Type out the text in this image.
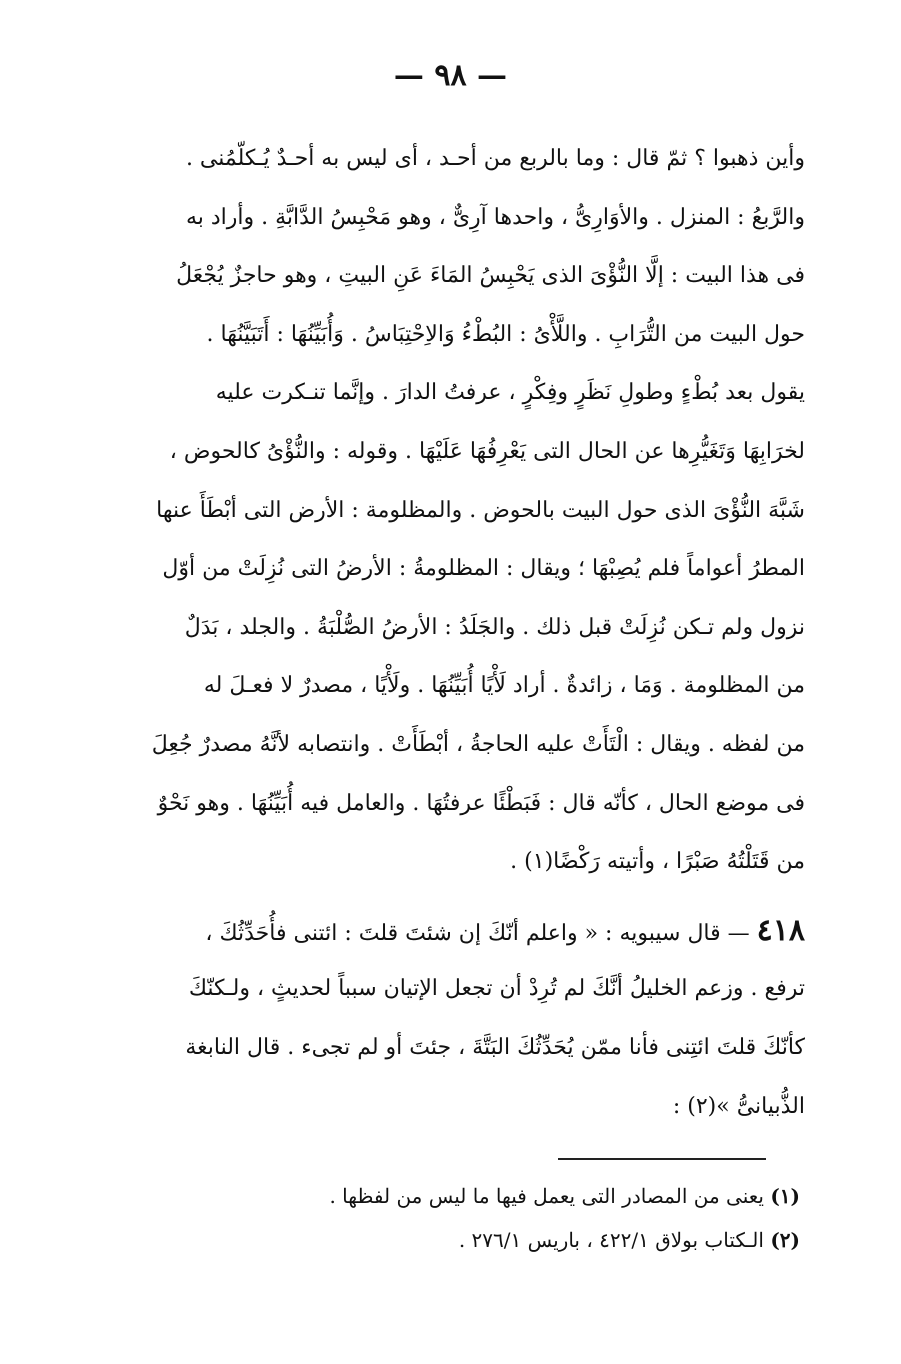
— ٩٨ —
وأين ذهبوا ؟ ثمّ قال : وما بالربع من أحـد ، أى ليس به أحـدٌ يُـكلّمُنى .
والرَّبعُ : المنزل . والأوَارِىُّ ، واحدها آرِىٌّ ، وهو مَحْبِسُ الدَّابَّةِ . وأراد به
فى هذا البيت : إلَّا النُّؤْىَ الذى يَحْبِسُ المَاءَ عَنِ البيتِ ، وهو حاجزٌ يُجْعَلُ
حول البيت من التُّرَابِ . واللَّأْىُ : البُطْءُ وَالاِحْتِبَاسُ . وَأُبَيِّنُهَا : أَتَبَيَّنُهَا .
يقول بعد بُطْءٍ وطولِ نَظَرٍ وفِكْرٍ ، عرفتُ الدارَ . وإنَّما تنـكرت عليه
لخرَابِهَا وَتَغَيُّرِها عن الحال التى يَعْرِفُهَا عَلَيْهَا . وقوله : والنُّؤْىُ كالحوض ،
شَبَّهَ النُّؤْىَ الذى حول البيت بالحوض . والمظلومة : الأرض التى أبْطَأَ عنها
المطرُ أعواماً فلم يُصِبْهَا ؛ ويقال : المظلومةُ : الأرضُ التى نُزِلَتْ من أوّل
نزول ولم تـكن نُزِلَتْ قبل ذلك . والجَلَدُ : الأرضُ الصُّلْبَةُ . والجلد ، بَدَلٌ
من المظلومة . وَمَا ، زائدةٌ . أراد لَأْيًا أُبَيِّنُهَا . ولَأْيًا ، مصدرٌ لا فعـلَ له
من لفظه . ويقال : الْتَأَتْ عليه الحاجةُ ، أبْطَأَتْ . وانتصابه لأنَّهُ مصدرٌ جُعِلَ
فى موضع الحال ، كأنّه قال : فَبَطْئًا عرفتُهَا . والعامل فيه أُبَيِّنُهَا . وهو نَحْوٌ
من قَتَلْتُهُ صَبْرًا ، وأتيته رَكْضًا(١) .
٤١٨ — قال سيبويه : « واعلم أنّكَ إن شئتَ قلتَ : ائتنى فأُحَدِّثُكَ ،
ترفع . وزعم الخليلُ أنَّكَ لم تُرِدْ أن تجعل الإتيان سبباً لحديثٍ ، ولـكنّكَ
كأنّكَ قلتَ ائتِنى فأنا ممّن يُحَدِّثُكَ البَتَّةَ ، جئتَ أو لم تجىء . قال النابغة
الذُّبيانىُّ »(٢) :
(١) يعنى من المصادر التى يعمل فيها ما ليس من لفظها .
(٢) الـكتاب بولاق ٤٢٢/١ ، باريس ٢٧٦/١ .
